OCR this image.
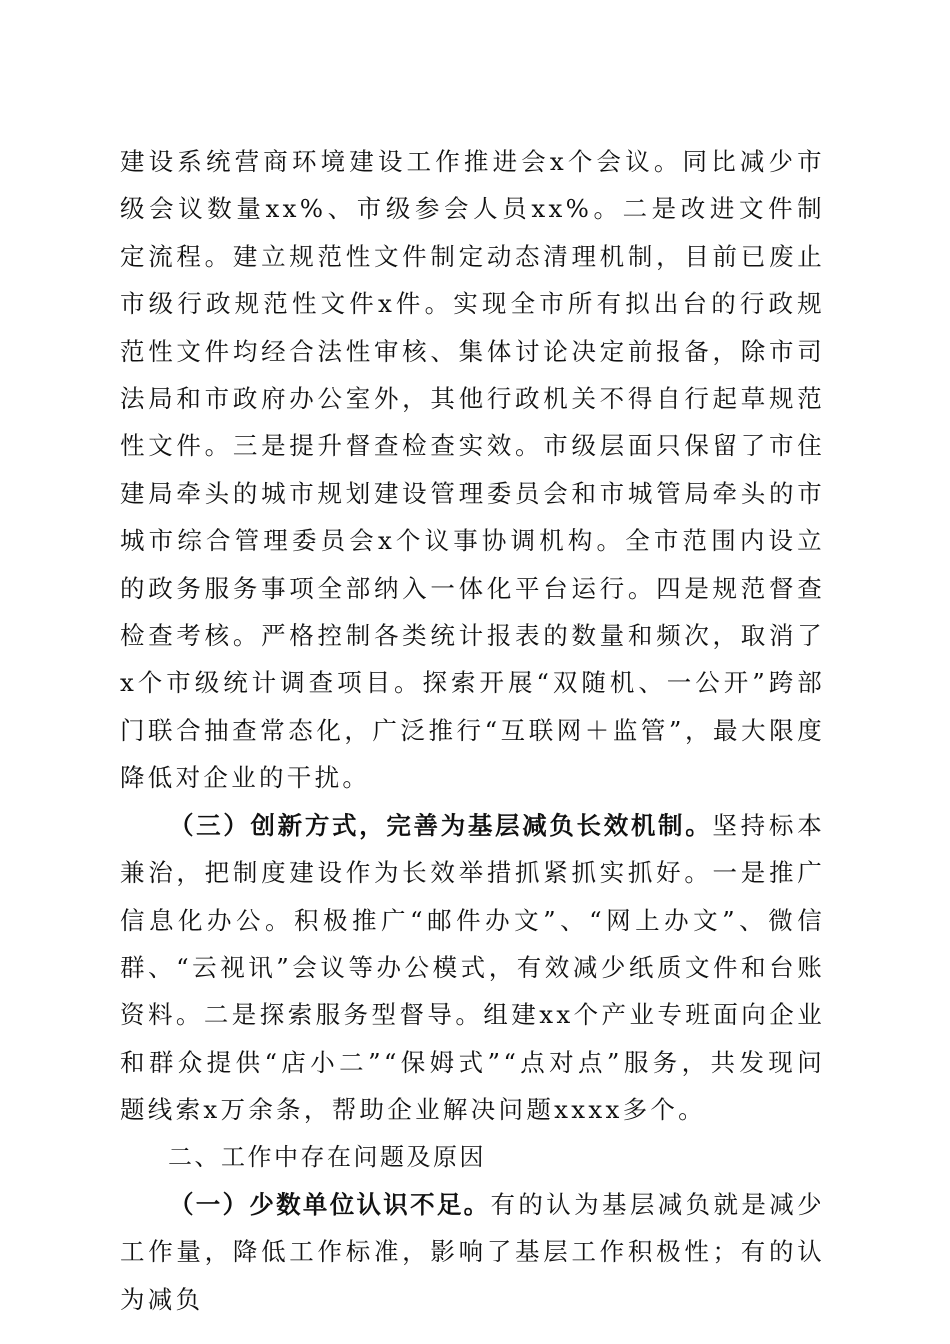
建设系统营商环境建设工作推进会x个会议。同比减少市级会议数量xx%、市级参会人员xx%。二是改进文件制定流程。建立规范性文件制定动态清理机制，目前已废止市级行政规范性文件x件。实现全市所有拟出台的行政规范性文件均经合法性审核、集体讨论决定前报备，除市司法局和市政府办公室外，其他行政机关不得自行起草规范性文件。三是提升督查检查实效。市级层面只保留了市住建局牵头的城市规划建设管理委员会和市城管局牵头的市城市综合管理委员会x个议事协调机构。全市范围内设立的政务服务事项全部纳入一体化平台运行。四是规范督查检查考核。严格控制各类统计报表的数量和频次，取消了x个市级统计调查项目。探索开展“双随机、一公开”跨部门联合抽查常态化，广泛推行“互联网＋监管”，最大限度降低对企业的干扰。

（三）创新方式，完善为基层减负长效机制。坚持标本兼治，把制度建设作为长效举措抓紧抓实抓好。一是推广信息化办公。积极推广“邮件办文”、“网上办文”、微信群、“云视讯”会议等办公模式，有效减少纸质文件和台账资料。二是探索服务型督导。组建xx个产业专班面向企业和群众提供“店小二”“保姆式”“点对点”服务，共发现问题线索x万余条，帮助企业解决问题xxxx多个。

二、工作中存在问题及原因

（一）少数单位认识不足。有的认为基层减负就是减少工作量，降低工作标准，影响了基层工作积极性；有的认为减负
